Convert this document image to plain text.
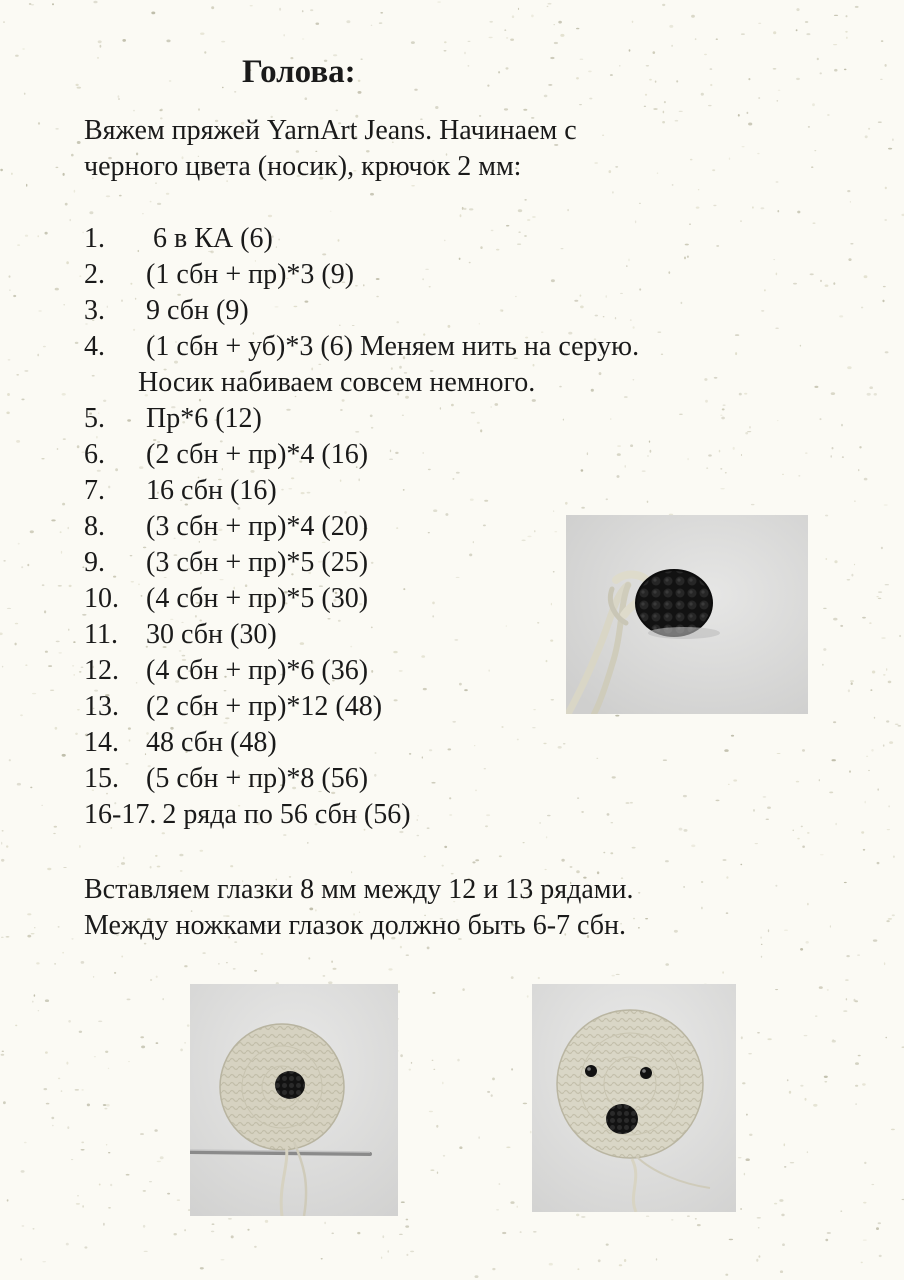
Голова:

Вяжем пряжей YarnArt Jeans. Начинаем с
черного цвета (носик), крючок 2 мм:

1.	6 в КА (6)
2.	(1 сбн + пр)*3 (9)
3.	9 сбн (9)
4.	(1 сбн + уб)*3 (6) Меняем нить на серую.
Носик набиваем совсем немного.
5.	Пр*6 (12)
6.	(2 сбн + пр)*4 (16)
7.	16 сбн (16)
8.	(3 сбн + пр)*4 (20)
9.	(3 сбн + пр)*5 (25)
10. (4 сбн + пр)*5 (30)
11.	30 сбн (30)
12. (4 сбн + пр)*6 (36)
13. (2 сбн + пр)*12 (48)
14. 48 сбн (48)
15. (5 сбн + пр)*8 (56)
16-17. 2 ряда по 56 сбн (56)

Вставляем глазки 8 мм между 12 и 13 рядами.
Между ножками глазок должно быть 6-7 сбн.
